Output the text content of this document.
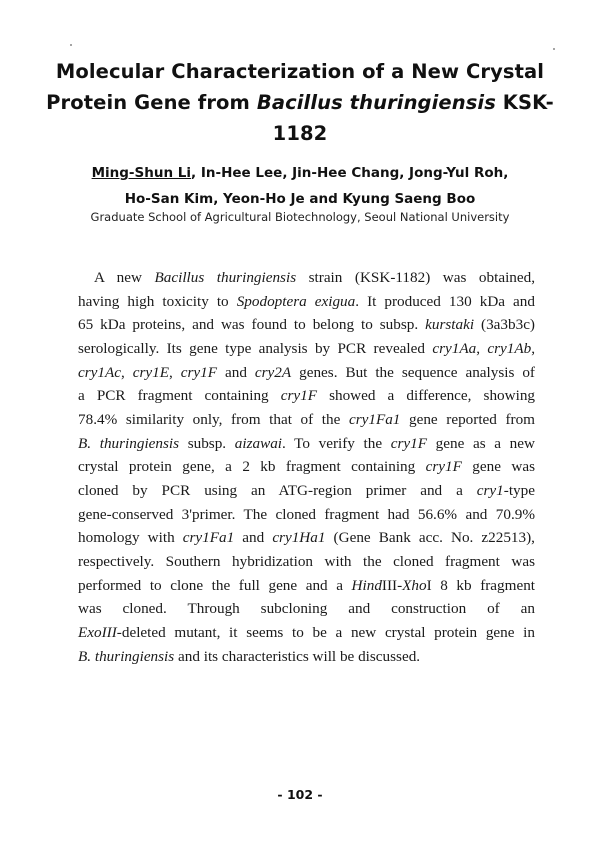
Molecular Characterization of a New Crystal
Protein Gene from Bacillus thuringiensis KSK-1182
Ming-Shun Li, In-Hee Lee, Jin-Hee Chang, Jong-Yul Roh,
Ho-San Kim, Yeon-Ho Je and Kyung Saeng Boo
Graduate School of Agricultural Biotechnology, Seoul National University
A new Bacillus thuringiensis strain (KSK-1182) was obtained,
having high toxicity to Spodoptera exigua. It produced 130 kDa and
65 kDa proteins, and was found to belong to subsp. kurstaki (3a3b3c)
serologically. Its gene type analysis by PCR revealed cry1Aa, cry1Ab,
cry1Ac, cry1E, cry1F and cry2A genes. But the sequence analysis of
a PCR fragment containing cry1F showed a difference, showing
78.4% similarity only, from that of the cry1Fa1 gene reported from
B. thuringiensis subsp. aizawai. To verify the cry1F gene as a new
crystal protein gene, a 2 kb fragment containing cry1F gene was
cloned by PCR using an ATG-region primer and a cry1-type
gene-conserved 3'primer. The cloned fragment had 56.6% and 70.9%
homology with cry1Fa1 and cry1Ha1 (Gene Bank acc. No. z22513),
respectively. Southern hybridization with the cloned fragment was
performed to clone the full gene and a HindIII-XhoI 8 kb fragment
was cloned. Through subcloning and construction of an
ExoIII-deleted mutant, it seems to be a new crystal protein gene in
B. thuringiensis and its characteristics will be discussed.
- 102 -
